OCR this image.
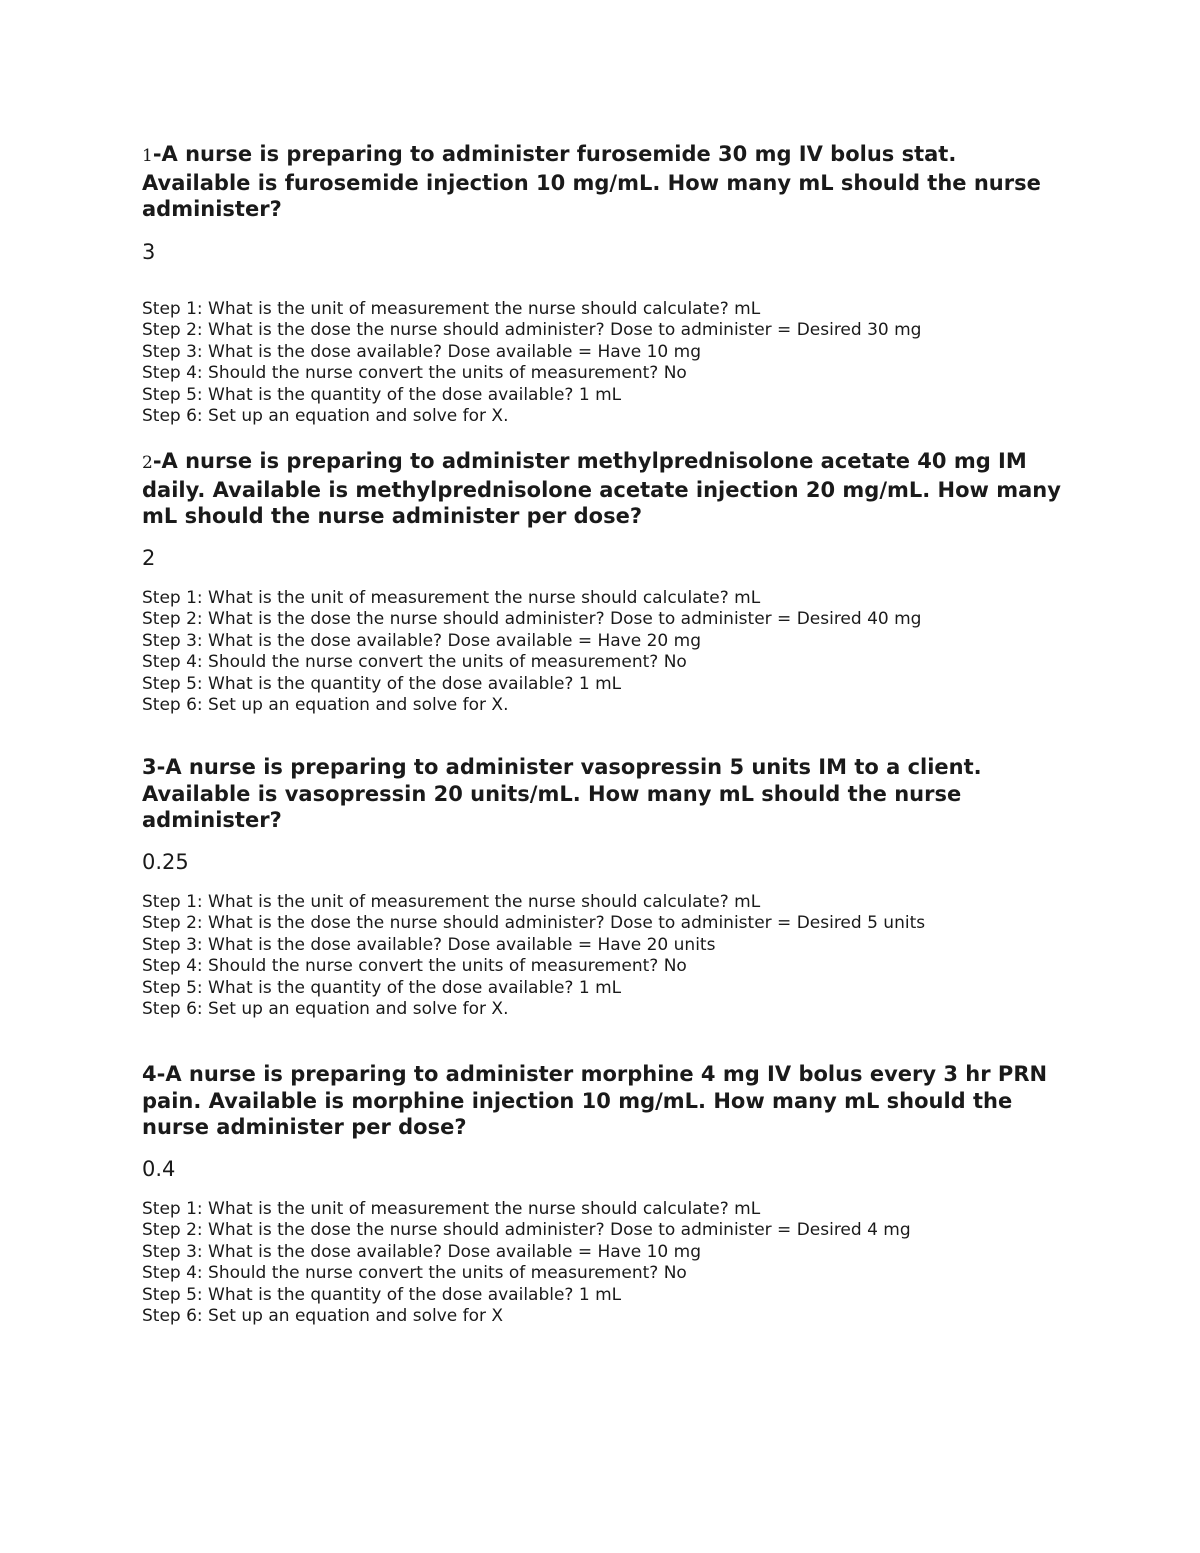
1-A nurse is preparing to administer furosemide 30 mg IV bolus stat. Available is furosemide injection 10 mg/mL. How many mL should the nurse administer?

3

Step 1: What is the unit of measurement the nurse should calculate? mL
Step 2: What is the dose the nurse should administer? Dose to administer = Desired 30 mg
Step 3: What is the dose available? Dose available = Have 10 mg
Step 4: Should the nurse convert the units of measurement? No
Step 5: What is the quantity of the dose available? 1 mL
Step 6: Set up an equation and solve for X.

2-A nurse is preparing to administer methylprednisolone acetate 40 mg IM daily. Available is methylprednisolone acetate injection 20 mg/mL. How many mL should the nurse administer per dose?

2

Step 1: What is the unit of measurement the nurse should calculate? mL
Step 2: What is the dose the nurse should administer? Dose to administer = Desired 40 mg
Step 3: What is the dose available? Dose available = Have 20 mg
Step 4: Should the nurse convert the units of measurement? No
Step 5: What is the quantity of the dose available? 1 mL
Step 6: Set up an equation and solve for X.

3-A nurse is preparing to administer vasopressin 5 units IM to a client. Available is vasopressin 20 units/mL. How many mL should the nurse administer?

0.25

Step 1: What is the unit of measurement the nurse should calculate? mL
Step 2: What is the dose the nurse should administer? Dose to administer = Desired 5 units
Step 3: What is the dose available? Dose available = Have 20 units
Step 4: Should the nurse convert the units of measurement? No
Step 5: What is the quantity of the dose available? 1 mL
Step 6: Set up an equation and solve for X.

4-A nurse is preparing to administer morphine 4 mg IV bolus every 3 hr PRN pain. Available is morphine injection 10 mg/mL. How many mL should the nurse administer per dose?

0.4

Step 1: What is the unit of measurement the nurse should calculate? mL
Step 2: What is the dose the nurse should administer? Dose to administer = Desired 4 mg
Step 3: What is the dose available? Dose available = Have 10 mg
Step 4: Should the nurse convert the units of measurement? No
Step 5: What is the quantity of the dose available? 1 mL
Step 6: Set up an equation and solve for X
